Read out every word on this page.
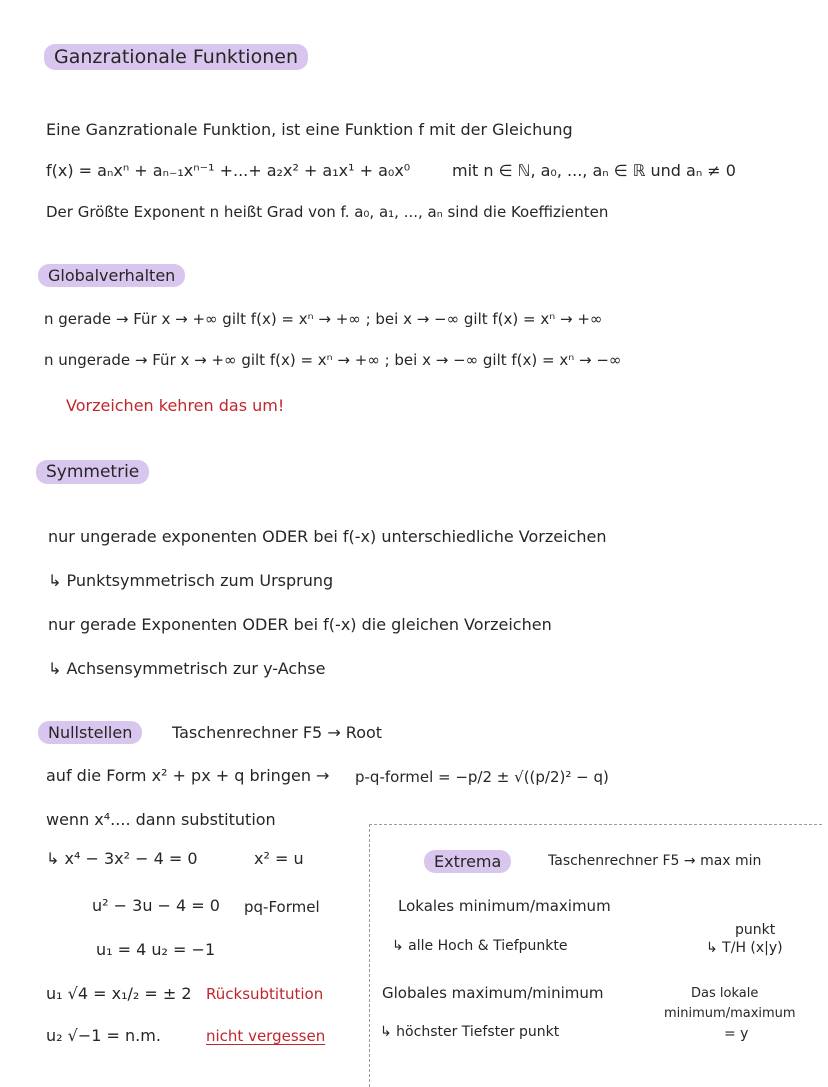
Ganzrationale Funktionen
Eine Ganzrationale Funktion, ist eine Funktion f mit der Gleichung
f(x) = aₙxⁿ + aₙ₋₁xⁿ⁻¹ +...+ a₂x² + a₁x¹ + a₀x⁰	mit n ∈ ℕ, a₀, ..., aₙ ∈ ℝ und aₙ ≠ 0
Der Größte Exponent n heißt Grad von f. a₀, a₁, ..., aₙ sind die Koeffizienten
Globalverhalten
n gerade → Für x → +∞ gilt f(x) = xⁿ → +∞ ; bei x → −∞ gilt f(x) = xⁿ → +∞
n ungerade → Für x → +∞ gilt f(x) = xⁿ → +∞ ; bei x → −∞ gilt f(x) = xⁿ → −∞
Vorzeichen kehren das um!
Symmetrie
nur ungerade exponenten ODER bei f(-x) unterschiedliche Vorzeichen
↳ Punktsymmetrisch zum Ursprung
nur gerade Exponenten ODER bei f(-x) die gleichen Vorzeichen
↳ Achsensymmetrisch zur y-Achse
Nullstellen	Taschenrechner F5 → Root
auf die Form x² + px + q bringen → p-q-formel = −p/2 ± √((p/2)² − q)
wenn x⁴.... dann substitution
↳ x⁴ − 3x² − 4 = 0	x² = u
u² − 3u − 4 = 0 pq-Formel
u₁ = 4 u₂ = −1
u₁ √4 = x₁/₂ = ± 2 Rücksubtitution
u₂ √−1 = n.m.	nicht vergessen
Extrema	Taschenrechner F5 → max min
Lokales minimum/maximum
↳ alle Hoch & Tiefpunkte
punkt
↳ T/H (x|y)
Globales maximum/minimum
↳ höchster Tiefster punkt
Das lokale
minimum/maximum
= y
